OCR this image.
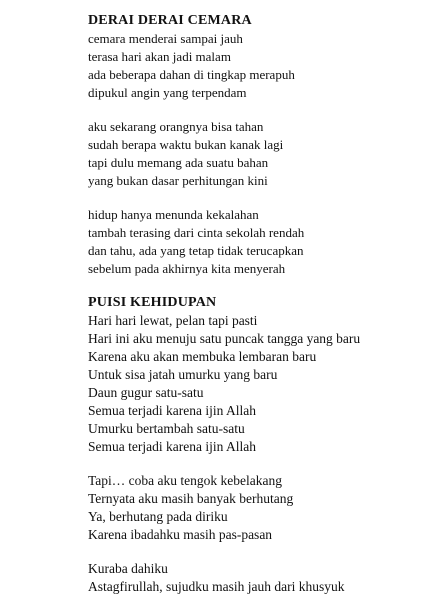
DERAI DERAI CEMARA
cemara menderai sampai jauh
terasa hari akan jadi malam
ada beberapa dahan di tingkap merapuh
dipukul angin yang terpendam
aku sekarang orangnya bisa tahan
sudah berapa waktu bukan kanak lagi
tapi dulu memang ada suatu bahan
yang bukan dasar perhitungan kini
hidup hanya menunda kekalahan
tambah terasing dari cinta sekolah rendah
dan tahu, ada yang tetap tidak terucapkan
sebelum pada akhirnya kita menyerah
PUISI KEHIDUPAN
Hari hari lewat, pelan tapi pasti
Hari ini aku menuju satu puncak tangga yang baru
Karena aku akan membuka lembaran baru
Untuk sisa jatah umurku yang baru
Daun gugur satu-satu
Semua terjadi karena ijin Allah
Umurku bertambah satu-satu
Semua terjadi karena ijin Allah
Tapi… coba aku tengok kebelakang
Ternyata aku masih banyak berhutang
Ya, berhutang pada diriku
Karena ibadahku masih pas-pasan
Kuraba dahiku
Astagfirullah, sujudku masih jauh dari khusyuk
